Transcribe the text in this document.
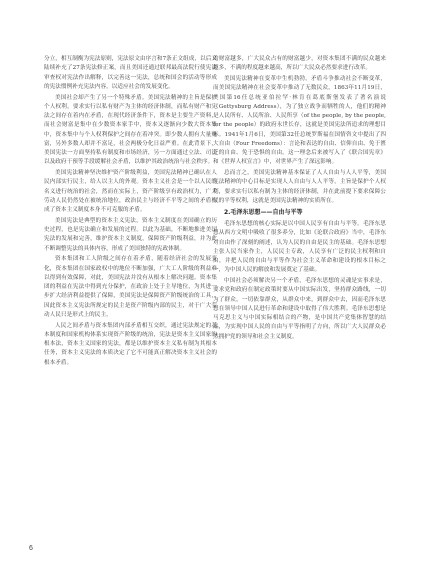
分立，相互制衡为宪法原则，宪法原文由序言和7条正文组成，以后又陆续补充了27条宪法修正案，而且美国还通过联邦最高法院行使宪法审查权对宪法作出解释，以完善这一宪法，总统和国会的活动等形成的宪法惯例补充宪法内容，以适应社会的发展变化。

美国社会却产生了另一个特殊矛盾。美国宪法精神的主旨是保护个人权利，要求实行以私有财产为主体的经济体制，而私有财产和宪法之间存在着内在矛盾，在现代经济条件下，资本是主要生产资料，而社会财富是集中在少数资本家手中，资本又逐渐向少数大资本集中，资本集中与个人权利保护之间存在着冲突。即少数人拥有大量财富，另外多数人却并不富足，社会两极分化日益严重。在此背景下，美国宪法一方面坚持私有制度和市场经济，另一方面通过立法、司法以及政府干预等手段缓解社会矛盾，以维护其政治统治与社会秩序。

美国宪法精神坚决维护资产阶级利益，美国宪法精神已确认在人民内部实行民主，给人以主人的外观。资本主义社会是一个以人民的名义进行统治的社会，然而在实际上，资产阶级享有政治权力，广大劳动人民仍然处在被统治地位，政治民主与经济不平等之间的矛盾构成了资本主义制度本身不可克服的矛盾。

美国宪法是典型的资本主义宪法，资本主义制度在美国确立的历史过程，也是宪法确立和发展的过程。以此为基础，不断地推进美国宪法的发展和完善，维护资本主义制度，保障资产阶级利益，并为此不断调整宪法的具体内容，形成了美国独特的宪政体制。

资本集团和工人阶级之间存在着矛盾，随着经济社会的发展变化，资本集团在国家政权中的地位不断加强，广大工人阶级的利益难以得到有效保障，对此，美国宪法并没有从根本上解决问题。资本集团的利益在宪法中得到充分保护，在政治上处于主导地位，为其进一步扩大经济利益提供了保障，美国宪法是保障资产阶级统治的工具，因此资本主义宪法所规定的民主是资产阶级内部的民主，对于广大劳动人民只是形式上的民主。

人民之间矛盾与资本集团内部矛盾相互交织，通过宪法规定的基本制度和国家机构体系实现资产阶级的统治，宪法是资本主义国家的根本法，资本主义国家的宪法，都是以维护资本主义私有制为其根本任务，资本主义宪法的本质决定了它不可能真正解决资本主义社会的根本矛盾。

的财富越多，广大民众占有的财富越少，对资本集团不满的民众越来越多，不满的程度越来越高，所以广大民众必然要求进行改革。

美国宪法精神在变革中生机勃勃。矛盾斗争推动社会不断变革，而美国宪法精神在社会变革中推动了无数民众，1863年11月19日，美国第16任总统亚伯拉罕·林肯在葛底斯堡发表了著名演说（Gettysburg Address），为了独立战争而牺牲的人，他们的精神是人民所有、人民所治、人民所享（of the people, by the people, for the people）的政府永世长存，这就是美国宪法所追求的理想目标。1941年1月6日，美国第32任总统罗斯福在国情咨文中提出了四大自由（Four Freedoms）：言论和表达的自由、信仰自由、免于匮乏的自由、免于恐惧的自由。这一理念后来被写入了《联合国宪章》和《世界人权宣言》中，对世界产生了深远影响。

总而言之，美国宪法精神基本保证了人人自由与人人平等，美国宪法精神的中心目标是实现人人自由与人人平等，主旨是保护个人权利，要求实行以私有制为主体的经济体制，并在此前提下要求保障公民的平等权利，这就是美国宪法精神的实质所在。

2.毛泽东思想——自由与平等

毛泽东思想的核心实际是以中国人民享有自由与平等。毛泽东思想从西方文明中吸收了很多养分，比如《论联合政府》当中，毛泽东对自由作了深刻的阐述，认为人民的自由是民主的基础。毛泽东思想主张人民当家作主，人民民主专政，人民享有广泛的民主权利和自由，并把人民的自由与平等作为社会主义革命和建设的根本目标之一，为中国人民的解放和发展奠定了基础。

中国社会必须解决另一个矛盾，毛泽东思想的灵魂是实事求是，要求党和政府在制定政策时要从中国实际出发，坚持群众路线，一切为了群众，一切依靠群众，从群众中来，到群众中去，因而毛泽东思想在领导中国人民进行革命和建设中取得了伟大胜利。毛泽东思想是马克思主义与中国实际相结合的产物，是中国共产党集体智慧的结晶，为实现中国人民的自由与平等指明了方向，所以广大人民群众必然拥护党的领导和社会主义制度。

6
